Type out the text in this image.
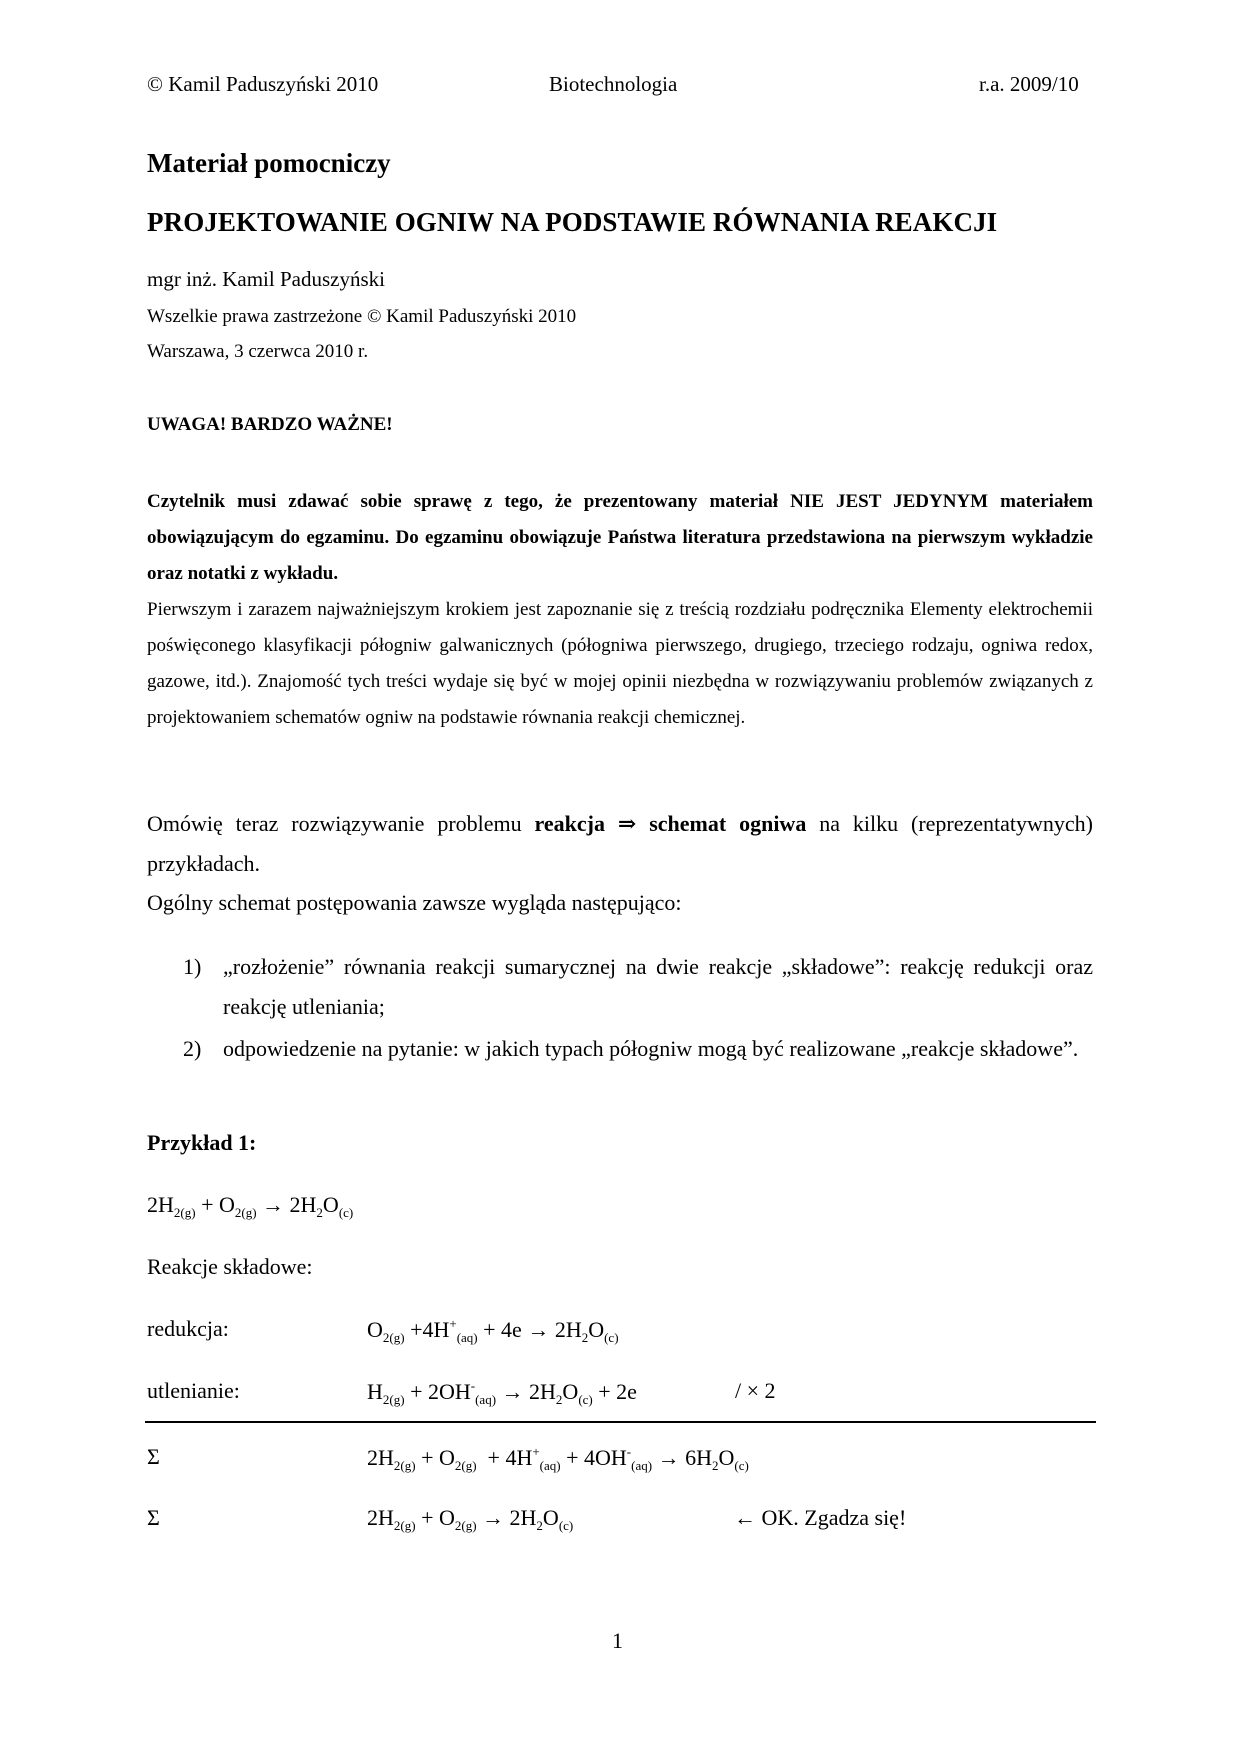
© Kamil Paduszyński 2010	Biotechnologia	r.a. 2009/10
Materiał pomocniczy
PROJEKTOWANIE OGNIW NA PODSTAWIE RÓWNANIA REAKCJI
mgr inż. Kamil Paduszyński
Wszelkie prawa zastrzeżone © Kamil Paduszyński 2010
Warszawa, 3 czerwca 2010 r.
UWAGA! BARDZO WAŻNE!
Czytelnik musi zdawać sobie sprawę z tego, że prezentowany materiał NIE JEST JEDYNYM materiałem obowiązującym do egzaminu. Do egzaminu obowiązuje Państwa literatura przedstawiona na pierwszym wykładzie oraz notatki z wykładu.
Pierwszym i zarazem najważniejszym krokiem jest zapoznanie się z treścią rozdziału podręcznika Elementy elektrochemii poświęconego klasyfikacji półogniw galwanicznych (półogniwa pierwszego, drugiego, trzeciego rodzaju, ogniwa redox, gazowe, itd.). Znajomość tych treści wydaje się być w mojej opinii niezbędna w rozwiązywaniu problemów związanych z projektowaniem schematów ogniw na podstawie równania reakcji chemicznej.
Omówię teraz rozwiązywanie problemu reakcja ⇒ schemat ogniwa na kilku (reprezentatywnych) przykładach.
Ogólny schemat postępowania zawsze wygląda następująco:
1) „rozłożenie” równania reakcji sumarycznej na dwie reakcje „składowe”: reakcję redukcji oraz reakcję utleniania;
2) odpowiedzenie na pytanie: w jakich typach półogniw mogą być realizowane „reakcje składowe”.
Przykład 1:
$2H_{2(g)} + O_{2(g)} \to 2H_2O_{(c)}$
Reakcje składowe:
redukcja:	$O_{2(g)} +4H^+_{(aq)} + 4e \to 2H_2O_{(c)}$
utlenianie:	$H_{2(g)} + 2OH^-_{(aq)} \to 2H_2O_{(c)} + 2e$	/ × 2
Σ	$2H_{2(g)} + O_{2(g)} + 4H^+_{(aq)} + 4OH^-_{(aq)} \to 6H_2O_{(c)}$
Σ	$2H_{2(g)} + O_{2(g)} \to 2H_2O_{(c)}$	← OK. Zgadza się!
1
